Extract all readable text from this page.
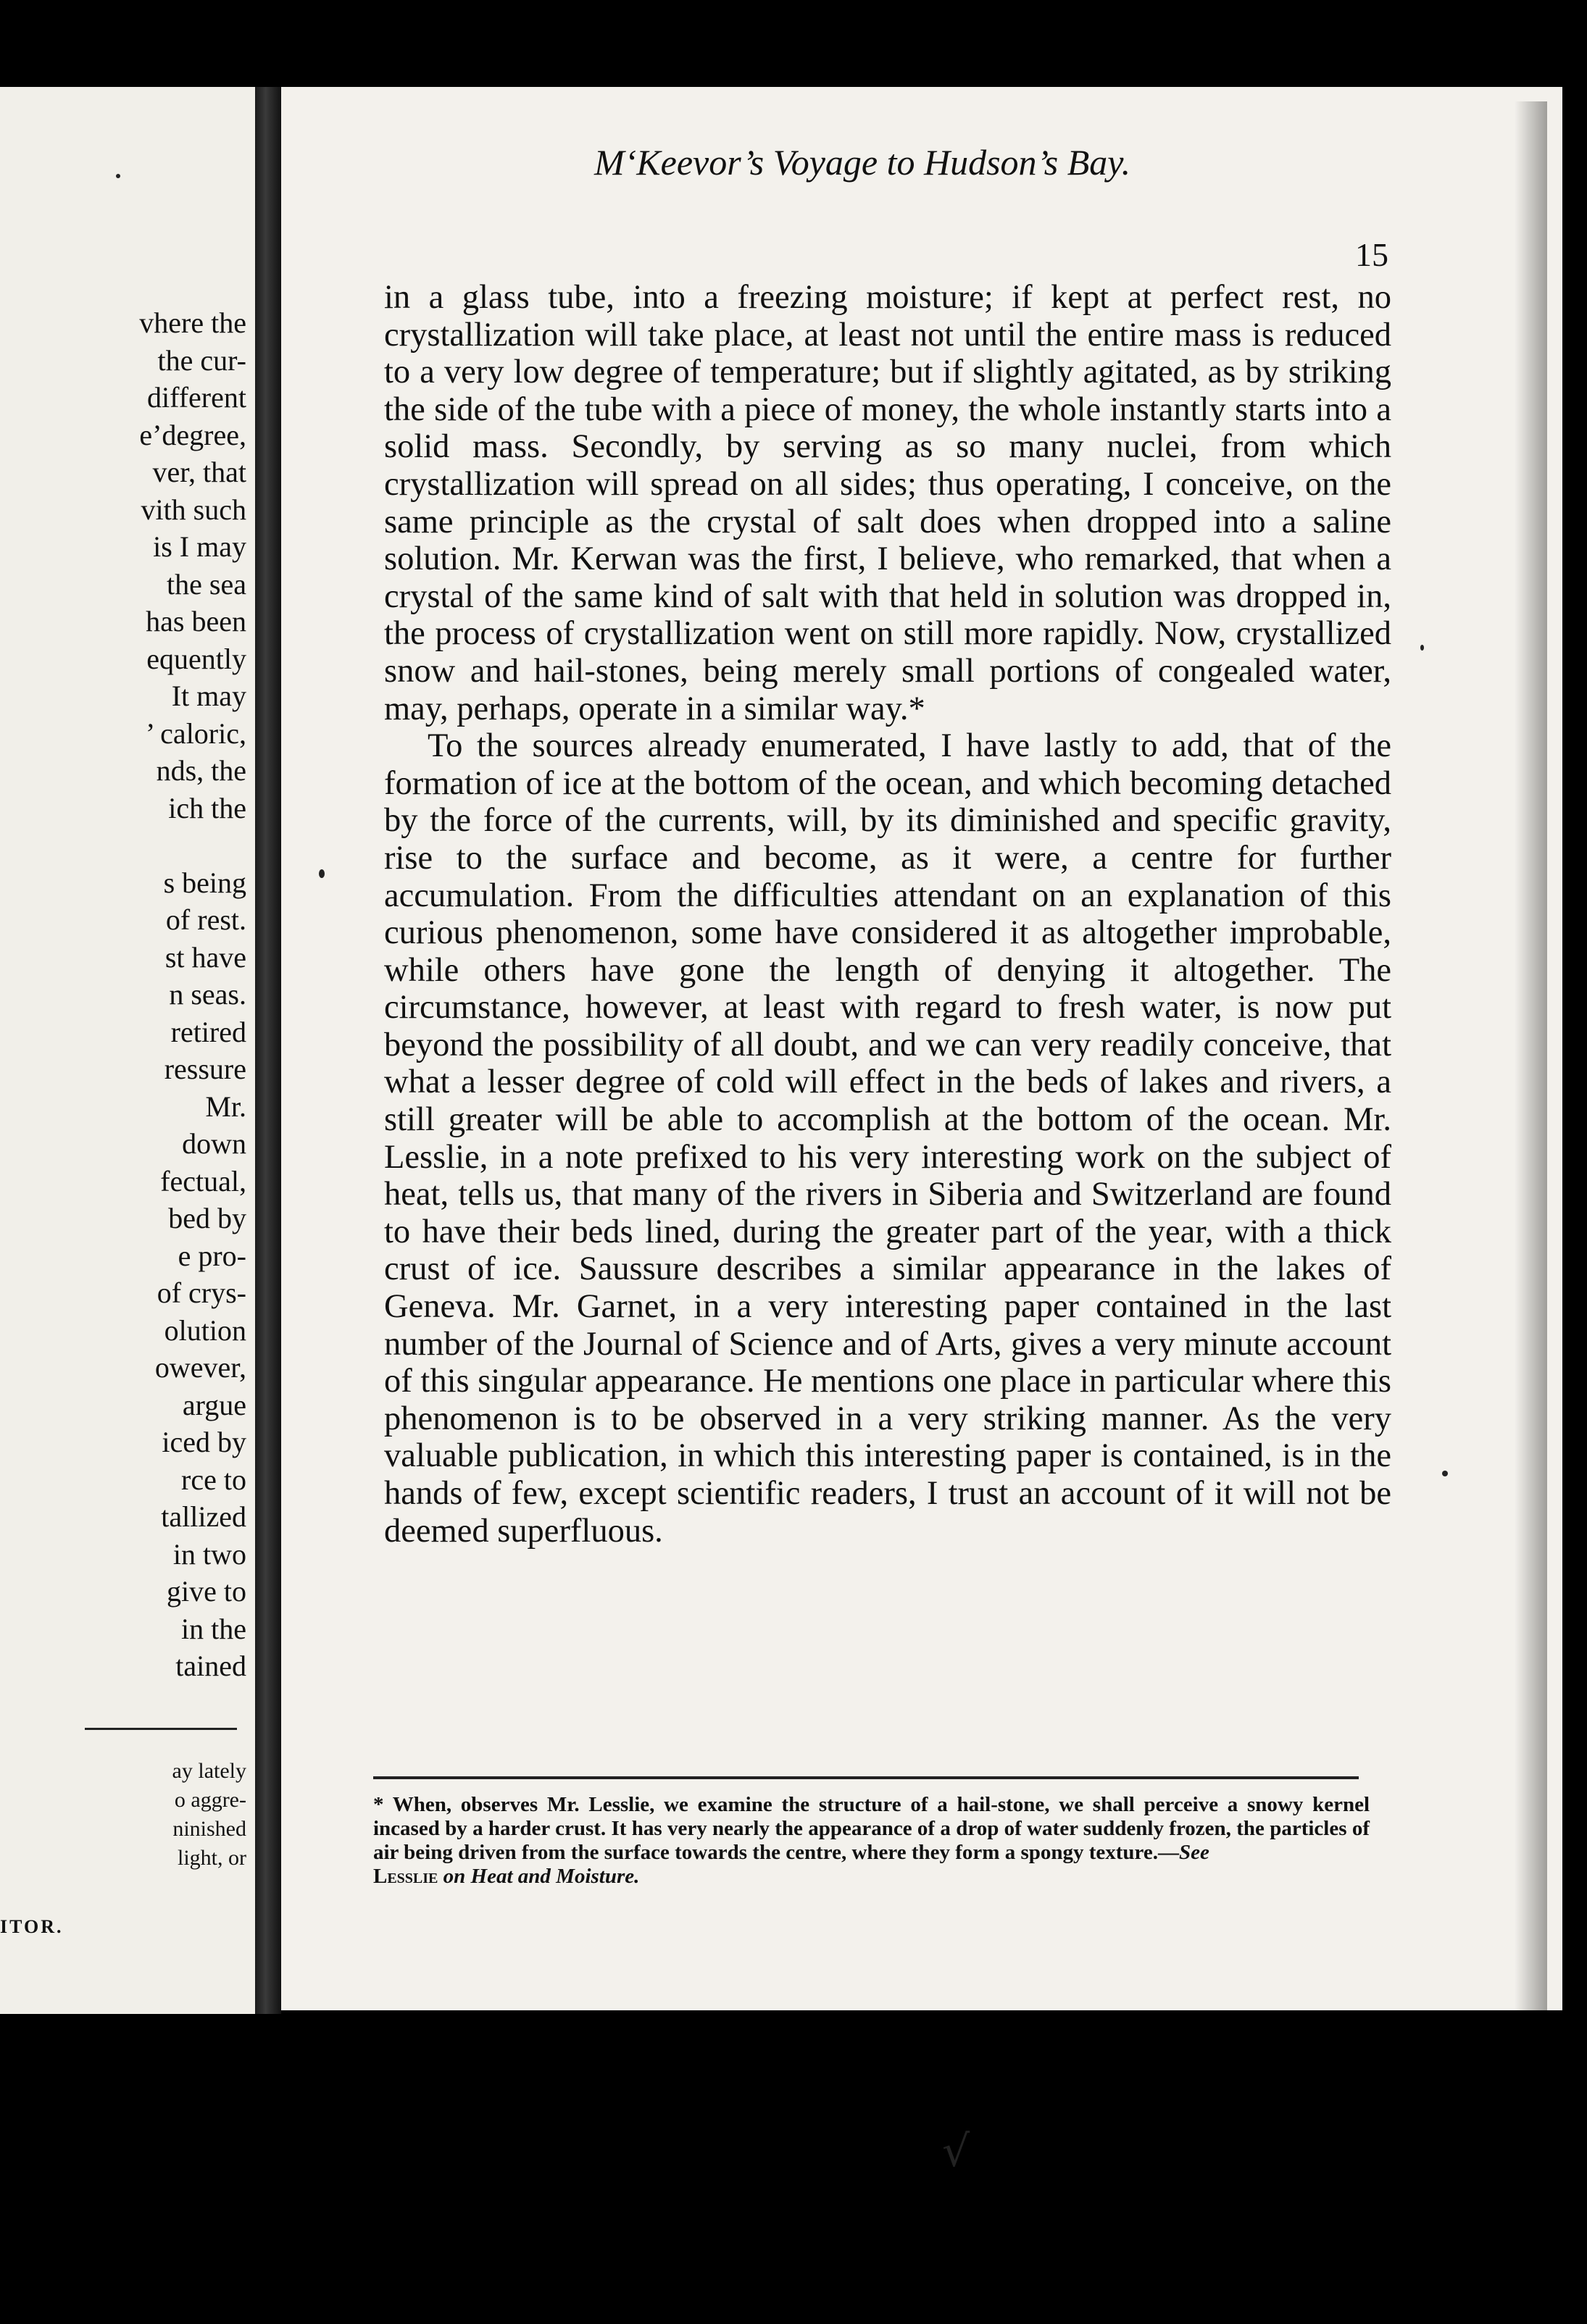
vhere the
the cur-
different
e’degree,
ver, that
vith such
is I may
the sea
has been
equently
It may
’ caloric,
nds, the
ich the

s being
of rest.
st have
n seas.
retired
ressure
Mr.
down
fectual,
bed by
e pro-
of crys-
olution
owever,
argue
iced by
rce to
tallized
in two
give to
in the
tained
ay lately
o aggre-
ninished
light, or
ITOR.
M‘Keevor’s Voyage to Hudson’s Bay.
15

in a glass tube, into a freezing moisture; if kept at perfect rest, no crystallization will take place, at least not until the entire mass is reduced to a very low degree of temperature; but if slightly agitated, as by striking the side of the tube with a piece of money, the whole instantly starts into a solid mass. Secondly, by serving as so many nuclei, from which crystallization will spread on all sides; thus operating, I conceive, on the same principle as the crystal of salt does when dropped into a saline solution. Mr. Kerwan was the first, I believe, who remarked, that when a crystal of the same kind of salt with that held in solution was dropped in, the process of crystallization went on still more rapidly. Now, crystallized snow and hail-stones, being merely small portions of congealed water, may, perhaps, operate in a similar way.*

To the sources already enumerated, I have lastly to add, that of the formation of ice at the bottom of the ocean, and which becoming detached by the force of the currents, will, by its diminished and specific gravity, rise to the surface and become, as it were, a centre for further accumulation. From the difficulties attendant on an explanation of this curious phenomenon, some have considered it as altogether improbable, while others have gone the length of denying it altogether. The circumstance, however, at least with regard to fresh water, is now put beyond the possibility of all doubt, and we can very readily conceive, that what a lesser degree of cold will effect in the beds of lakes and rivers, a still greater will be able to accomplish at the bottom of the ocean. Mr. Lesslie, in a note prefixed to his very interesting work on the subject of heat, tells us, that many of the rivers in Siberia and Switzerland are found to have their beds lined, during the greater part of the year, with a thick crust of ice. Saussure describes a similar appearance in the lakes of Geneva. Mr. Garnet, in a very interesting paper contained in the last number of the Journal of Science and of Arts, gives a very minute account of this singular appearance. He mentions one place in particular where this phenomenon is to be observed in a very striking manner. As the very valuable publication, in which this interesting paper is contained, is in the hands of few, except scientific readers, I trust an account of it will not be deemed superfluous.

* When, observes Mr. Lesslie, we examine the structure of a hail-stone, we shall perceive a snowy kernel incased by a harder crust. It has very nearly the appearance of a drop of water suddenly frozen, the particles of air being driven from the surface towards the centre, where they form a spongy texture.—See
Lesslie on Heat and Moisture.
√
